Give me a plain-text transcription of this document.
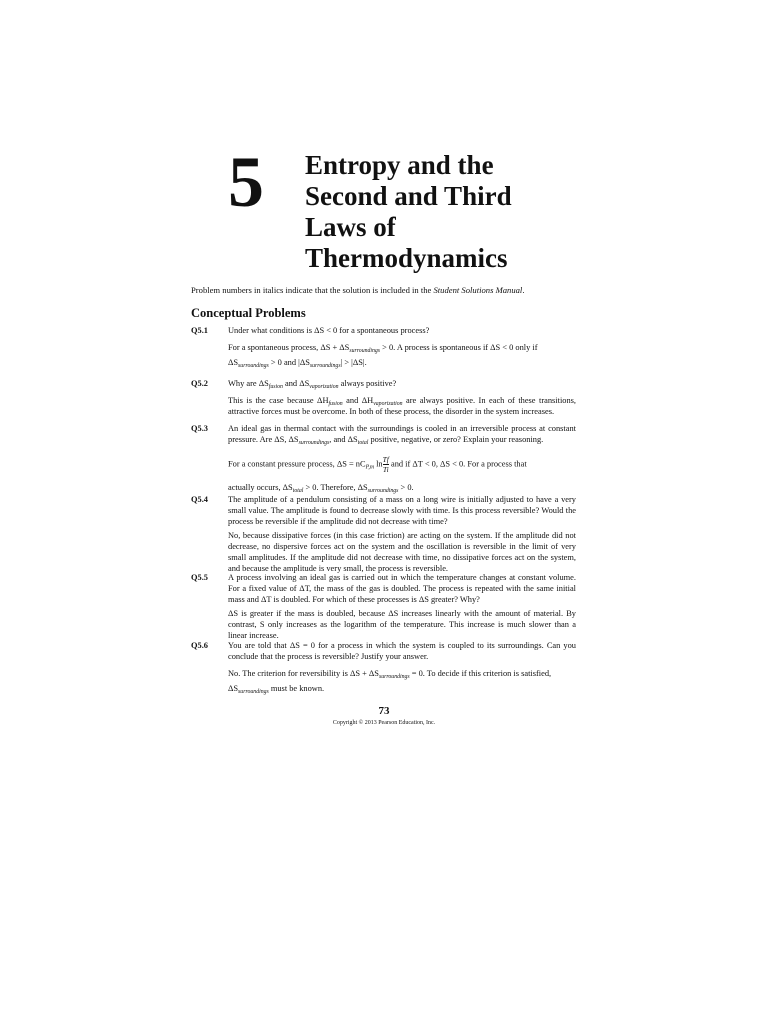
5 Entropy and the
Second and Third
Laws of
Thermodynamics
Problem numbers in italics indicate that the solution is included in the Student Solutions Manual.
Conceptual Problems
Q5.1 Under what conditions is ΔS < 0 for a spontaneous process?

For a spontaneous process, $\Delta S + \Delta S_{surroundings} > 0$. A process is spontaneous if ΔS < 0 only if

$\Delta S_{surroundings} > 0$ and $|\Delta S_{surroundings}| > |\Delta S|$.

Q5.2 Why are $\Delta S_{fusion}$ and $\Delta S_{vaporization}$ always positive?

This is the case because $\Delta H_{fusion}$ and $\Delta H_{vaporization}$ are always positive. In each of these transitions, attractive forces must be overcome. In both of these process, the disorder in the system increases.

Q5.3 An ideal gas in thermal contact with the surroundings is cooled in an irreversible process at constant pressure. Are ΔS, $\Delta S_{surroundings}$, and $\Delta S_{total}$ positive, negative, or zero? Explain your reasoning.

For a constant pressure process, $\Delta S = nC_{P,m}$ $\ln \frac{Tf}{Ti}$ and if ΔT < 0, ΔS < 0. For a process that

actually occurs, $\Delta S_{total} > 0$. Therefore, $\Delta S_{surroundings} > 0$.

Q5.4 The amplitude of a pendulum consisting of a mass on a long wire is initially adjusted to have a very small value. The amplitude is found to decrease slowly with time. Is this process reversible? Would the process be reversible if the amplitude did not decrease with time?

No, because dissipative forces (in this case friction) are acting on the system. If the amplitude did not decrease, no dispersive forces act on the system and the oscillation is reversible in the limit of very small amplitudes. If the amplitude did not decrease with time, no dissipative forces act on the system, and because the amplitude is very small, the process is reversible.

Q5.5 A process involving an ideal gas is carried out in which the temperature changes at constant volume. For a fixed value of ΔT, the mass of the gas is doubled. The process is repeated with the same initial mass and ΔT is doubled. For which of these processes is ΔS greater? Why?

ΔS is greater if the mass is doubled, because ΔS increases linearly with the amount of material. By contrast, S only increases as the logarithm of the temperature. This increase is much slower than a linear increase.

Q5.6 You are told that ΔS = 0 for a process in which the system is coupled to its surroundings. Can you conclude that the process is reversible? Justify your answer.

No. The criterion for reversibility is $\Delta S + \Delta S_{surroundings} = 0$. To decide if this criterion is satisfied,

$\Delta S_{surroundings}$ must be known.

73
Copyright © 2013 Pearson Education, Inc.
